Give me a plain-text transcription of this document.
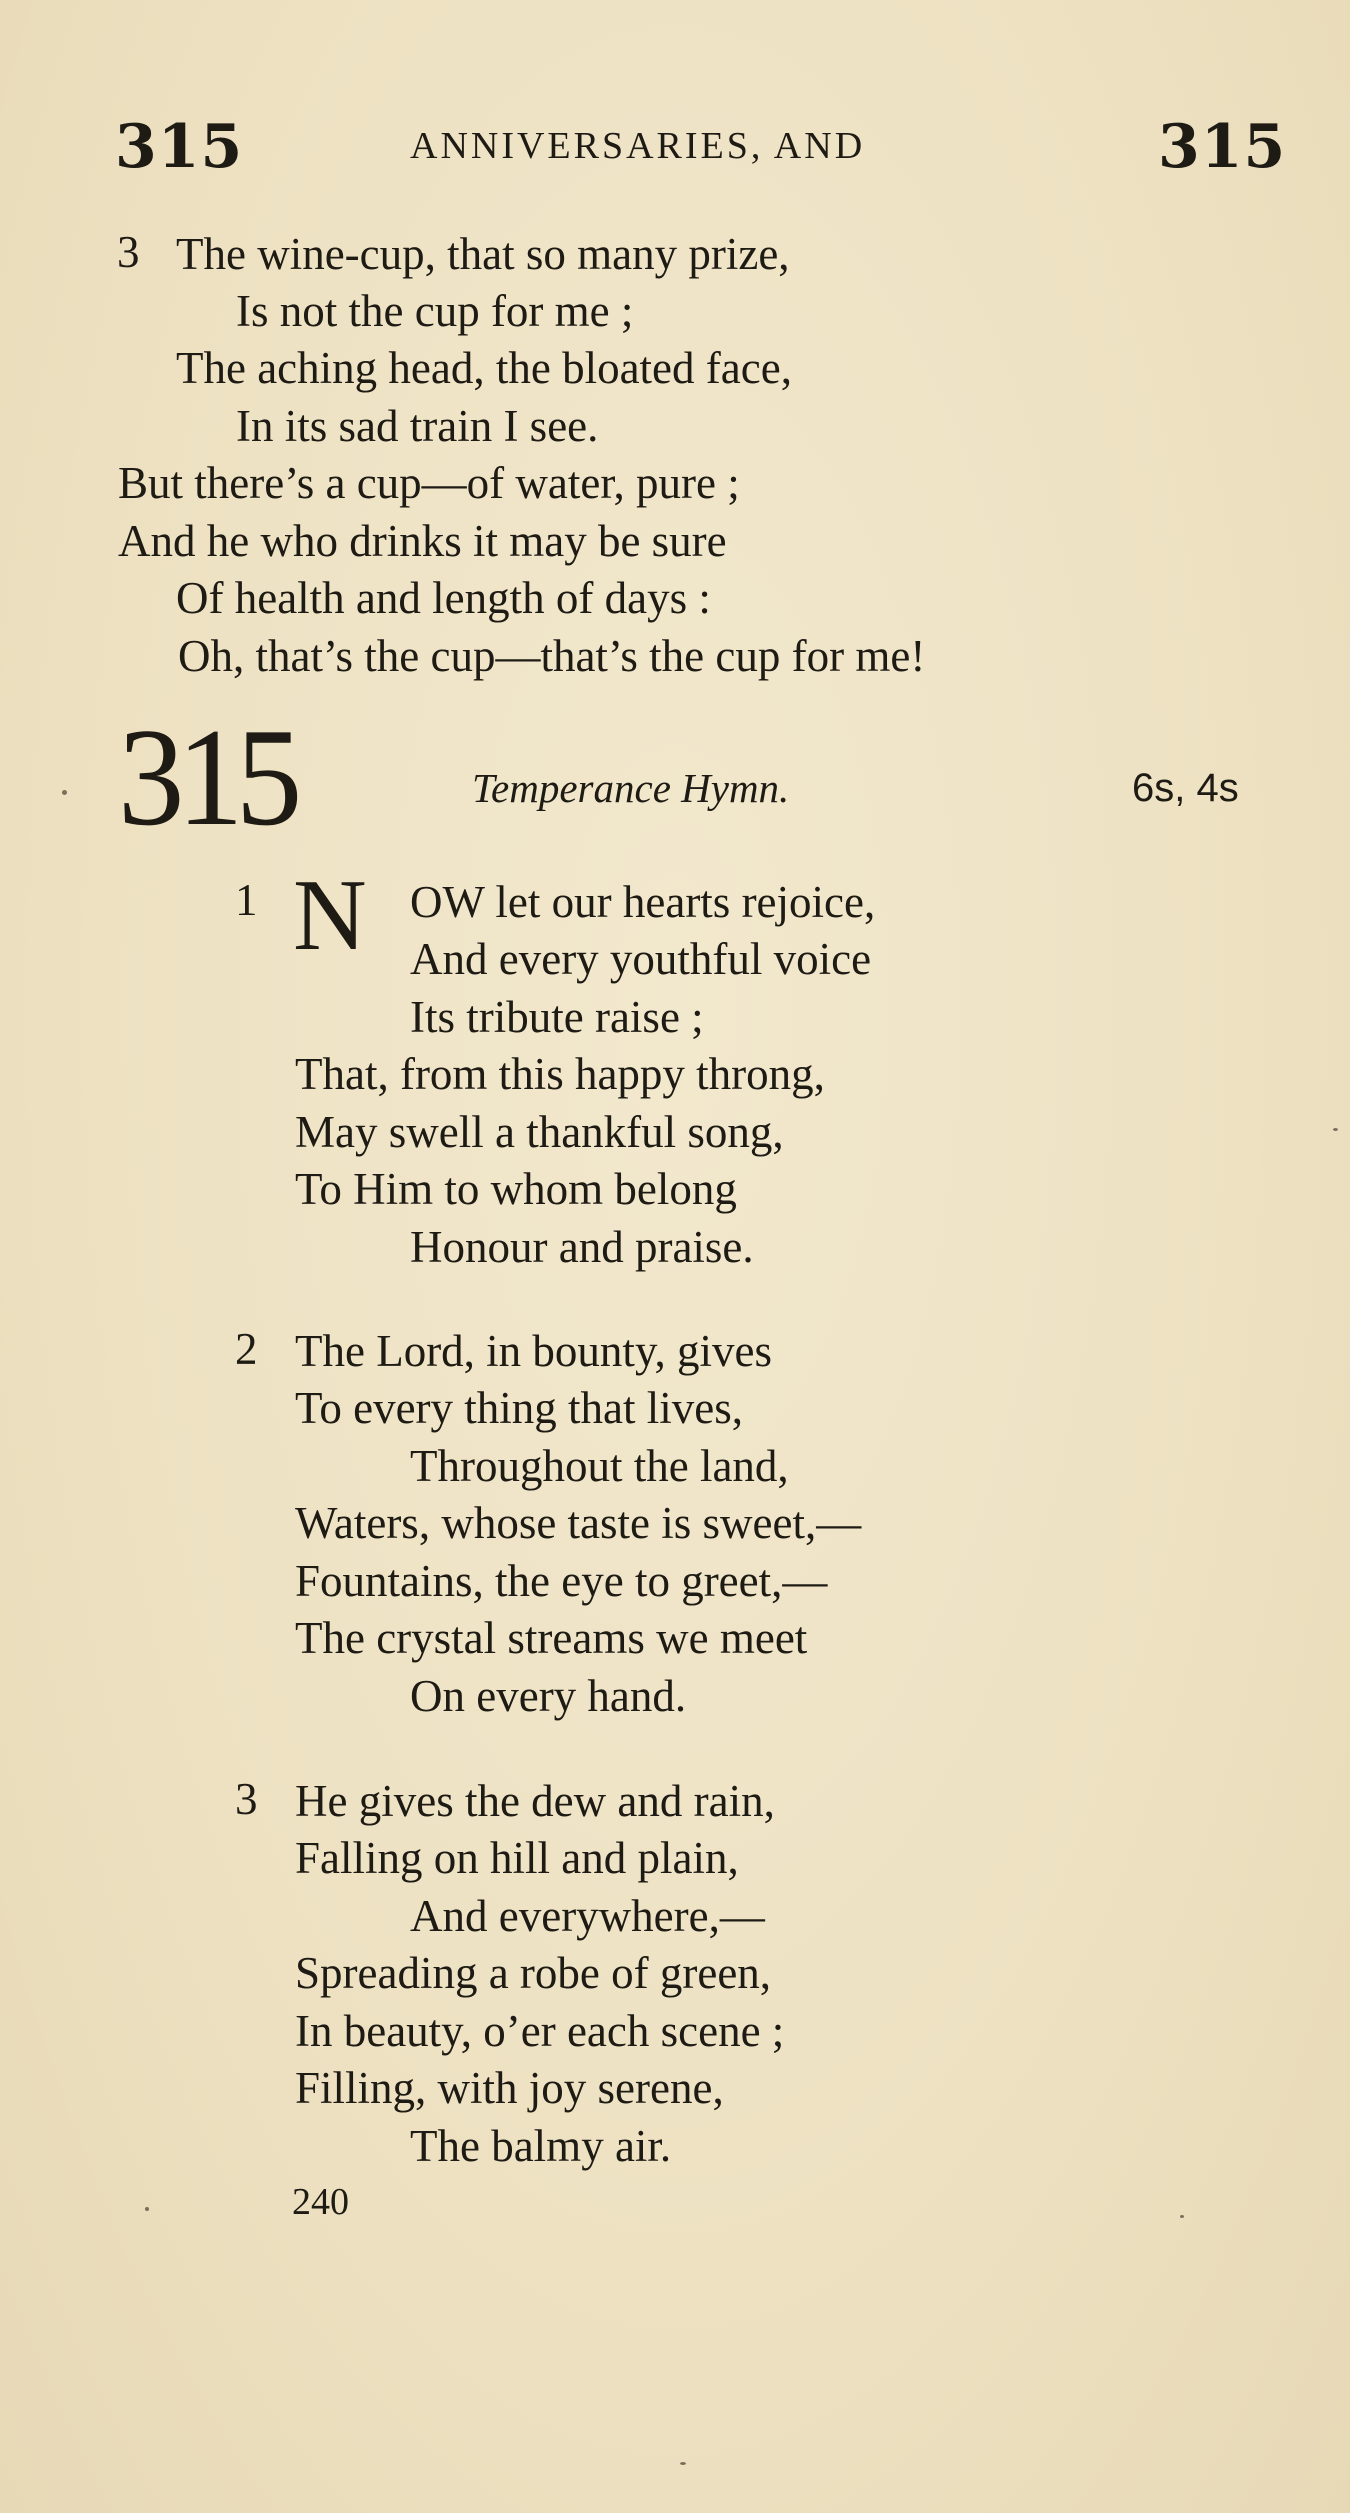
315	ANNIVERSARIES, AND	315
3 The wine-cup, that so many prize,
Is not the cup for me ;
The aching head, the bloated face,
In its sad train I see.
But there’s a cup—of water, pure ;
And he who drinks it may be sure
Of health and length of days :
Oh, that’s the cup—that’s the cup for me!
315	Temperance Hymn.	6s, 4s
1 N OW let our hearts rejoice,
And every youthful voice
Its tribute raise ;
That, from this happy throng,
May swell a thankful song,
To Him to whom belong
Honour and praise.
2 The Lord, in bounty, gives
To every thing that lives,
Throughout the land,
Waters, whose taste is sweet,—
Fountains, the eye to greet,—
The crystal streams we meet
On every hand.
3 He gives the dew and rain,
Falling on hill and plain,
And everywhere,—
Spreading a robe of green,
In beauty, o’er each scene ;
Filling, with joy serene,
The balmy air.
240
